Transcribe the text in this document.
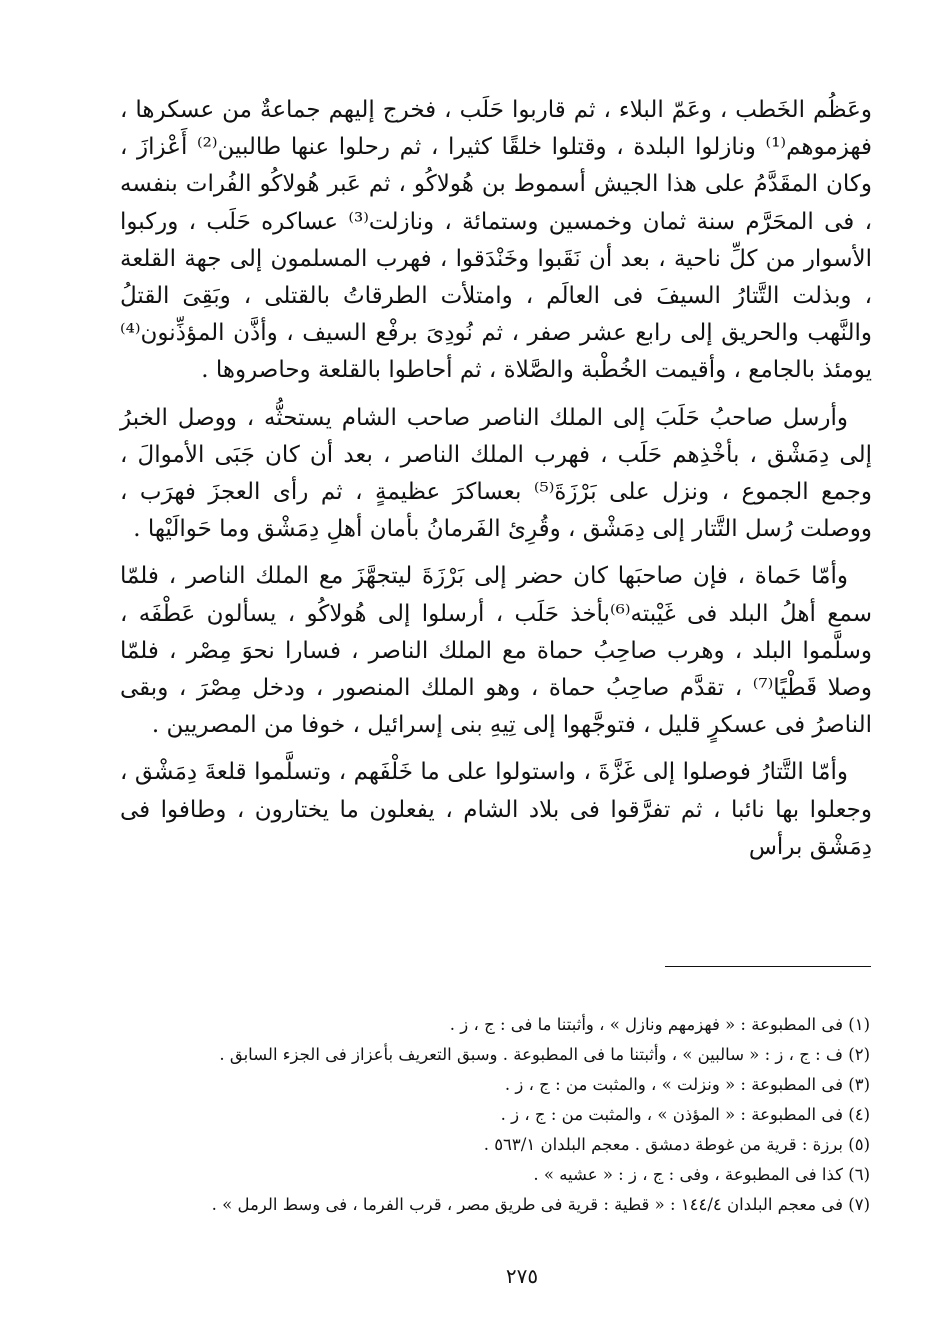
وعَظُم الخَطب ، وعَمّ البلاء ، ثم قاربوا حَلَب ، فخرج إليهم جماعةٌ من عسكرها ، فهزموهم⁽¹⁾ ونازلوا البلدة ، وقتلوا خلقًا كثيرا ، ثم رحلوا عنها طالبين⁽²⁾ أَعْزازَ ، وكان المقَدَّمُ على هذا الجيش أسموط بن هُولاكُو ، ثم عَبر هُولاكُو الفُرات بنفسه ، فى المحَرَّم سنة ثمان وخمسين وستمائة ، ونازلت⁽³⁾ عساكره حَلَب ، وركبوا الأسوار من كلِّ ناحية ، بعد أن نَقَبوا وخَنْدَقوا ، فهرب المسلمون إلى جهة القلعة ، وبذلت التَّتارُ السيفَ فى العالَم ، وامتلأت الطرقاتُ بالقتلى ، وبَقِىَ القتلُ والنَّهب والحريق إلى رابع عشر صفر ، ثم نُودِىَ برفْع السيف ، وأذَّن المؤذِّنون⁽⁴⁾ يومئذ بالجامع ، وأقيمت الخُطْبة والصَّلاة ، ثم أحاطوا بالقلعة وحاصروها .

وأرسل صاحبُ حَلَبَ إلى الملك الناصر صاحب الشام يستحثُّه ، ووصل الخبرُ إلى دِمَشْق ، بأخْذِهم حَلَب ، فهرب الملك الناصر ، بعد أن كان جَبَى الأموالَ ، وجمع الجموع ، ونزل على بَرْزَةَ⁽⁵⁾ بعساكرَ عظيمةٍ ، ثم رأى العجزَ فهرَب ، ووصلت رُسل التَّتار إلى دِمَشْق ، وقُرِئ الفَرمانُ بأمان أهلِ دِمَشْق وما حَوالَيْها .

وأمّا حَماة ، فإن صاحبَها كان حضر إلى بَرْزَةَ ليتجهَّزَ مع الملك الناصر ، فلمّا سمع أهلُ البلد فى غَيْبته⁽⁶⁾بأخذ حَلَب ، أرسلوا إلى هُولاكُو ، يسألون عَطْفَه ، وسلَّموا البلد ، وهرب صاحِبُ حماة مع الملك الناصر ، فسارا نحوَ مِصْر ، فلمّا وصلا قَطْيًا⁽⁷⁾ ، تقدَّم صاحِبُ حماة ، وهو الملك المنصور ، ودخل مِصْرَ ، وبقى الناصرُ فى عسكرٍ قليل ، فتوجَّهوا إلى تِيهِ بنى إسرائيل ، خوفا من المصريين .

وأمّا التَّتارُ فوصلوا إلى غَزَّةَ ، واستولوا على ما خَلْفَهم ، وتسلَّموا قلعةَ دِمَشْق ، وجعلوا بها نائبا ، ثم تفرَّقوا فى بلاد الشام ، يفعلون ما يختارون ، وطافوا فى دِمَشْق برأس

(١) فى المطبوعة : « فهزمهم ونازل » ، وأثبتنا ما فى : ج ، ز .
(٢) ف : ج ، ز : « سالبين » ، وأثبتنا ما فى المطبوعة . وسبق التعريف بأعزاز فى الجزء السابق .
(٣) فى المطبوعة : « ونزلت » ، والمثبت من : ج ، ز .
(٤) فى المطبوعة : « المؤذن » ، والمثبت من : ج ، ز .
(٥) برزة : قرية من غوطة دمشق . معجم البلدان ٥٦٣/١ .
(٦) كذا فى المطبوعة ، وفى : ج ، ز : « عشيه » .
(٧) فى معجم البلدان ١٤٤/٤ : « قطية : قرية فى طريق مصر ، قرب الفرما ، فى وسط الرمل » .
٢٧٥
